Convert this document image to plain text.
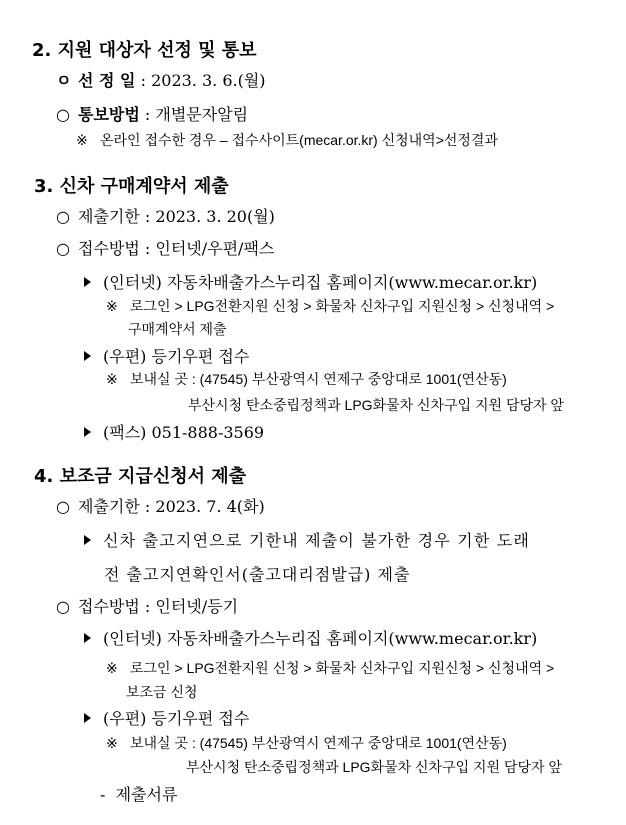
2. 지원 대상자 선정 및 통보
ㅇ 선 정 일 : 2023. 3. 6.(월)
○ 통보방법 : 개별문자알림
※ 온라인 접수한 경우 – 접수사이트(mecar.or.kr) 신청내역>선정결과
3. 신차 구매계약서 제출
○ 제출기한 : 2023. 3. 20(월)
○ 접수방법 : 인터넷/우편/팩스
(인터넷) 자동차배출가스누리집 홈페이지(www.mecar.or.kr)
※ 로그인 > LPG전환지원 신청 > 화물차 신차구입 지원신청 > 신청내역 >
구매계약서 제출
(우편) 등기우편 접수
※ 보내실 곳 : (47545) 부산광역시 연제구 중앙대로 1001(연산동)
부산시청 탄소중립정책과 LPG화물차 신차구입 지원 담당자 앞
(팩스) 051-888-3569
4. 보조금 지급신청서 제출
○ 제출기한 : 2023. 7. 4(화)
신차 출고지연으로 기한내 제출이 불가한 경우 기한 도래
전 출고지연확인서(출고대리점발급) 제출
○ 접수방법 : 인터넷/등기
(인터넷) 자동차배출가스누리집 홈페이지(www.mecar.or.kr)
※ 로그인 > LPG전환지원 신청 > 화물차 신차구입 지원신청 > 신청내역 >
보조금 신청
(우편) 등기우편 접수
※ 보내실 곳 : (47545) 부산광역시 연제구 중앙대로 1001(연산동)
부산시청 탄소중립정책과 LPG화물차 신차구입 지원 담당자 앞
- 제출서류
